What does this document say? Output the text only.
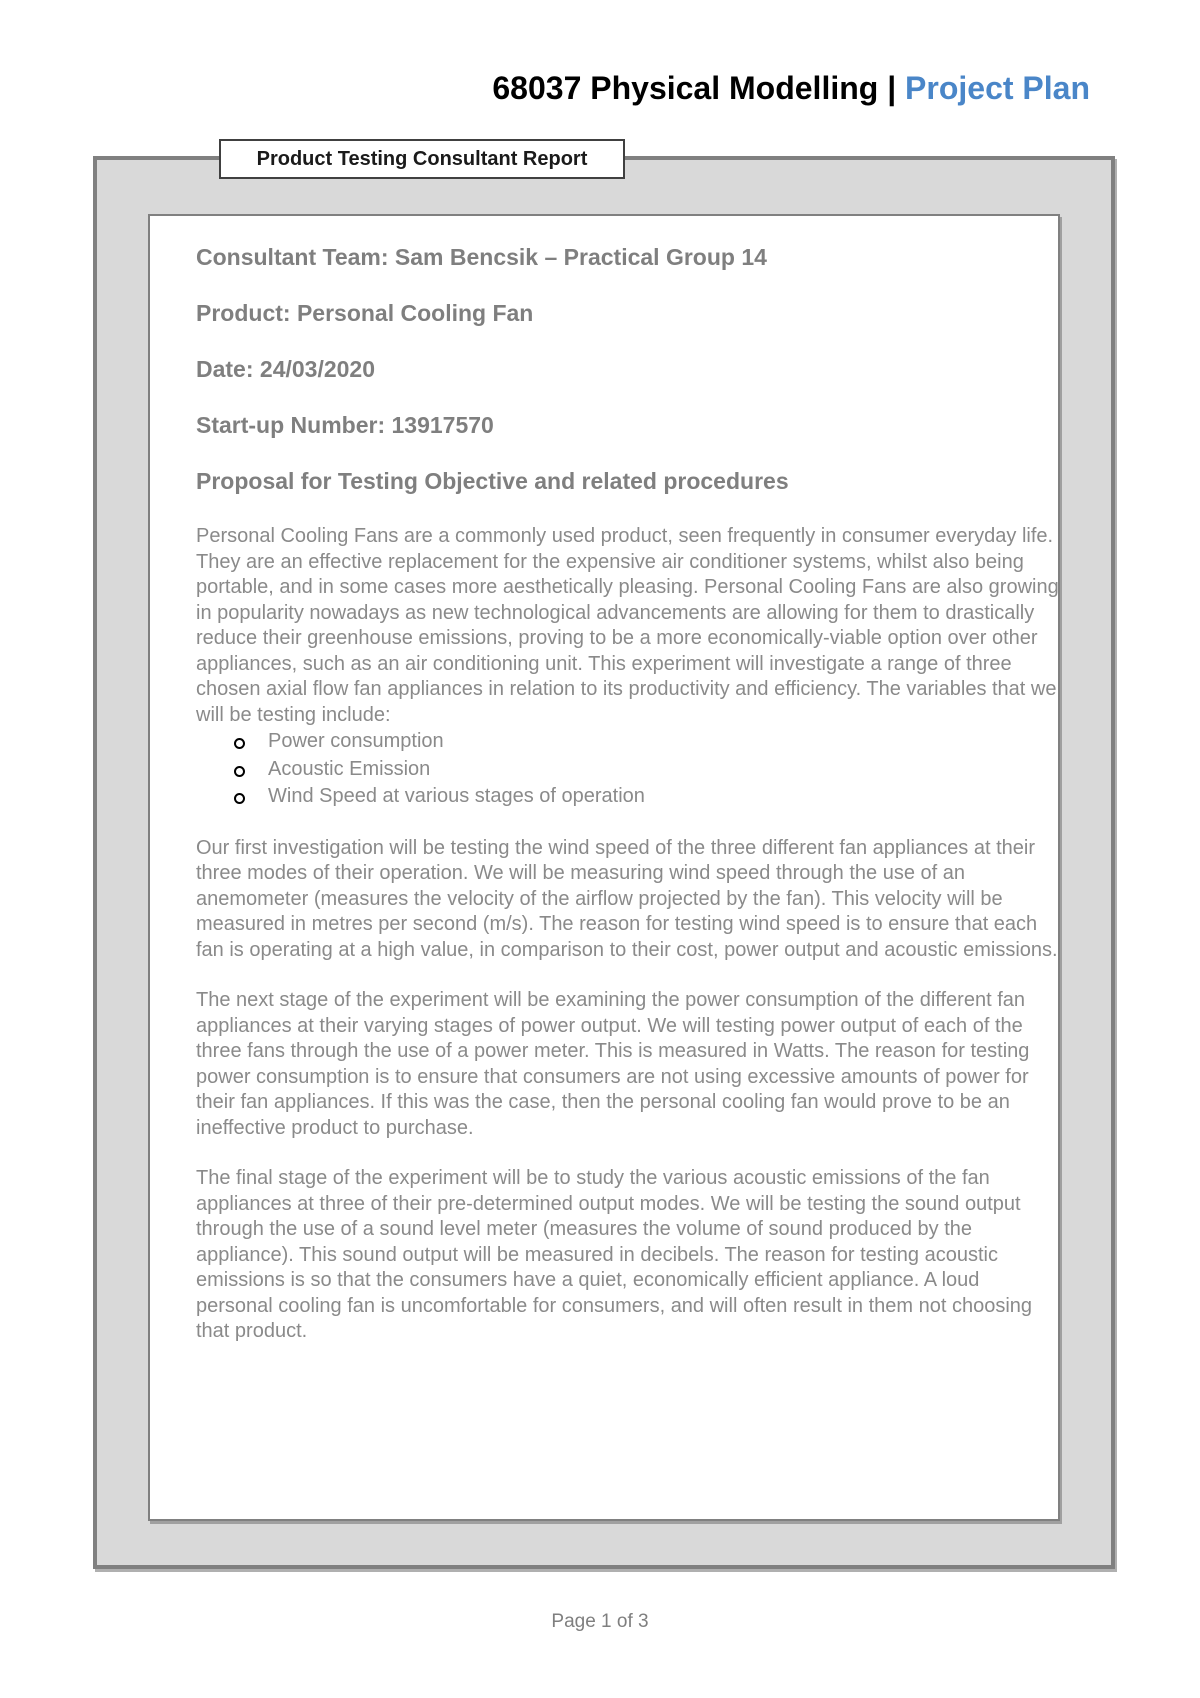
68037 Physical Modelling | Project Plan
Product Testing Consultant Report

Consultant Team: Sam Bencsik – Practical Group 14

Product: Personal Cooling Fan

Date: 24/03/2020

Start-up Number: 13917570

Proposal for Testing Objective and related procedures

Personal Cooling Fans are a commonly used product, seen frequently in consumer everyday life. They are an effective replacement for the expensive air conditioner systems, whilst also being portable, and in some cases more aesthetically pleasing. Personal Cooling Fans are also growing in popularity nowadays as new technological advancements are allowing for them to drastically reduce their greenhouse emissions, proving to be a more economically-viable option over other appliances, such as an air conditioning unit. This experiment will investigate a range of three chosen axial flow fan appliances in relation to its productivity and efficiency. The variables that we will be testing include:

Power consumption
Acoustic Emission
Wind Speed at various stages of operation

Our first investigation will be testing the wind speed of the three different fan appliances at their three modes of their operation. We will be measuring wind speed through the use of an anemometer (measures the velocity of the airflow projected by the fan). This velocity will be measured in metres per second (m/s). The reason for testing wind speed is to ensure that each fan is operating at a high value, in comparison to their cost, power output and acoustic emissions.

The next stage of the experiment will be examining the power consumption of the different fan appliances at their varying stages of power output. We will testing power output of each of the three fans through the use of a power meter. This is measured in Watts. The reason for testing power consumption is to ensure that consumers are not using excessive amounts of power for their fan appliances. If this was the case, then the personal cooling fan would prove to be an ineffective product to purchase.

The final stage of the experiment will be to study the various acoustic emissions of the fan appliances at three of their pre-determined output modes. We will be testing the sound output through the use of a sound level meter (measures the volume of sound produced by the appliance). This sound output will be measured in decibels. The reason for testing acoustic emissions is so that the consumers have a quiet, economically efficient appliance. A loud personal cooling fan is uncomfortable for consumers, and will often result in them not choosing that product.

Page 1 of 3
